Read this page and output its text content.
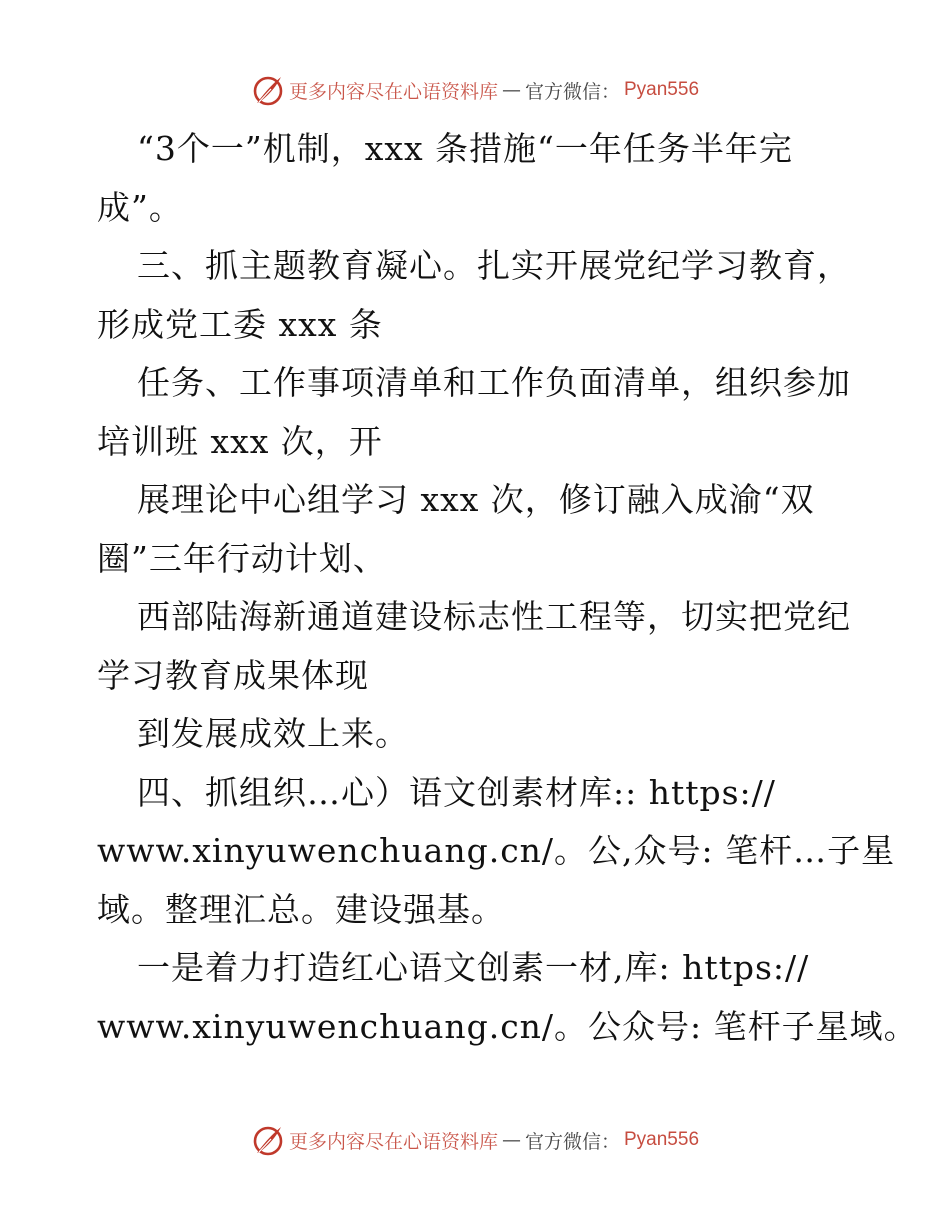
更多内容尽在心语资料库 — 官方微信： Pyan556
“3个一”机制，xxx 条措施“一年任务半年完
成”。
三、抓主题教育凝心。扎实开展党纪学习教育，
形成党工委 xxx 条
任务、工作事项清单和工作负面清单，组织参加
培训班 xxx 次，开
展理论中心组学习 xxx 次，修订融入成渝“双
圈”三年行动计划、
西部陆海新通道建设标志性工程等，切实把党纪
学习教育成果体现
到发展成效上来。
四、抓组织…心）语文创素材库:: https://
www.xinyuwenchuang.cn/。公,众号: 笔杆…子星
域。整理汇总。建设强基。
一是着力打造红心语文创素一材,库: https://
www.xinyuwenchuang.cn/。公众号: 笔杆子星域。
更多内容尽在心语资料库 — 官方微信： Pyan556
